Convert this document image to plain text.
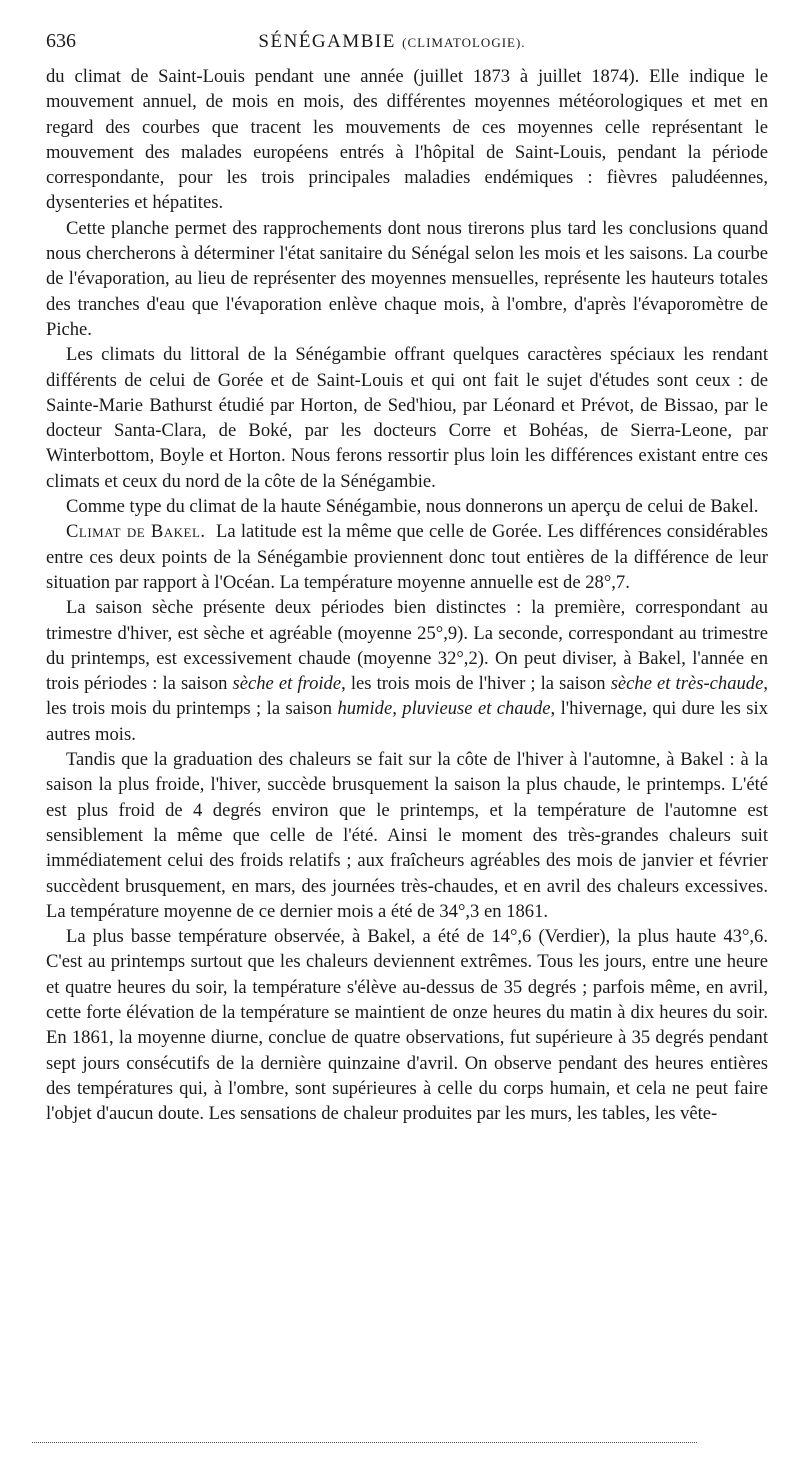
636	SÉNÉGAMBIE (CLIMATOLOGIE).

du climat de Saint-Louis pendant une année (juillet 1873 à juillet 1874). Elle indique le mouvement annuel, de mois en mois, des différentes moyennes météorologiques et met en regard des courbes que tracent les mouvements de ces moyennes celle représentant le mouvement des malades européens entrés à l'hôpital de Saint-Louis, pendant la période correspondante, pour les trois principales maladies endémiques : fièvres paludéennes, dysenteries et hépatites.

Cette planche permet des rapprochements dont nous tirerons plus tard les conclusions quand nous chercherons à déterminer l'état sanitaire du Sénégal selon les mois et les saisons. La courbe de l'évaporation, au lieu de représenter des moyennes mensuelles, représente les hauteurs totales des tranches d'eau que l'évaporation enlève chaque mois, à l'ombre, d'après l'évaporomètre de Piche.

Les climats du littoral de la Sénégambie offrant quelques caractères spéciaux les rendant différents de celui de Gorée et de Saint-Louis et qui ont fait le sujet d'études sont ceux : de Sainte-Marie Bathurst étudié par Horton, de Sed'hiou, par Léonard et Prévot, de Bissao, par le docteur Santa-Clara, de Boké, par les docteurs Corre et Bohéas, de Sierra-Leone, par Winterbottom, Boyle et Horton. Nous ferons ressortir plus loin les différences existant entre ces climats et ceux du nord de la côte de la Sénégambie.

Comme type du climat de la haute Sénégambie, nous donnerons un aperçu de celui de Bakel.

Climat de Bakel. La latitude est la même que celle de Gorée. Les différences considérables entre ces deux points de la Sénégambie proviennent donc tout entières de la différence de leur situation par rapport à l'Océan. La température moyenne annuelle est de 28°,7.

La saison sèche présente deux périodes bien distinctes : la première, correspondant au trimestre d'hiver, est sèche et agréable (moyenne 25°,9). La seconde, correspondant au trimestre du printemps, est excessivement chaude (moyenne 32°,2). On peut diviser, à Bakel, l'année en trois périodes : la saison sèche et froide, les trois mois de l'hiver ; la saison sèche et très-chaude, les trois mois du printemps ; la saison humide, pluvieuse et chaude, l'hivernage, qui dure les six autres mois.

Tandis que la graduation des chaleurs se fait sur la côte de l'hiver à l'automne, à Bakel : à la saison la plus froide, l'hiver, succède brusquement la saison la plus chaude, le printemps. L'été est plus froid de 4 degrés environ que le printemps, et la température de l'automne est sensiblement la même que celle de l'été. Ainsi le moment des très-grandes chaleurs suit immédiatement celui des froids relatifs ; aux fraîcheurs agréables des mois de janvier et février succèdent brusquement, en mars, des journées très-chaudes, et en avril des chaleurs excessives. La température moyenne de ce dernier mois a été de 34°,3 en 1861.

La plus basse température observée, à Bakel, a été de 14°,6 (Verdier), la plus haute 43°,6. C'est au printemps surtout que les chaleurs deviennent extrêmes. Tous les jours, entre une heure et quatre heures du soir, la température s'élève au-dessus de 35 degrés ; parfois même, en avril, cette forte élévation de la température se maintient de onze heures du matin à dix heures du soir. En 1861, la moyenne diurne, conclue de quatre observations, fut supérieure à 35 degrés pendant sept jours consécutifs de la dernière quinzaine d'avril. On observe pendant des heures entières des températures qui, à l'ombre, sont supérieures à celle du corps humain, et cela ne peut faire l'objet d'aucun doute. Les sensations de chaleur produites par les murs, les tables, les vête-
